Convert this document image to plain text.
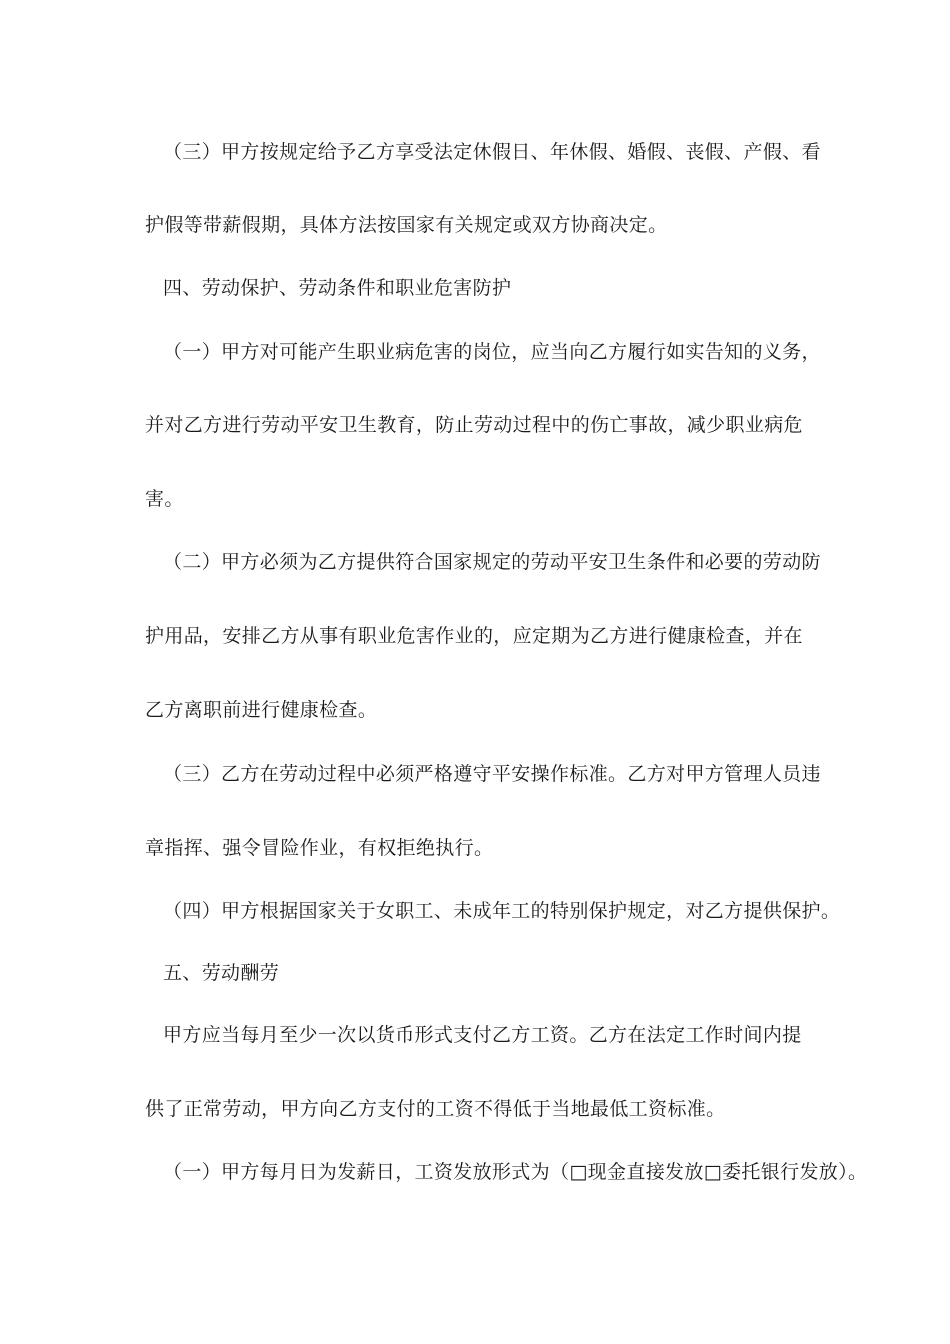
（三）甲方按规定给予乙方享受法定休假日、年休假、婚假、丧假、产假、看
护假等带薪假期，具体方法按国家有关规定或双方协商决定。
四、劳动保护、劳动条件和职业危害防护
（一）甲方对可能产生职业病危害的岗位，应当向乙方履行如实告知的义务，
并对乙方进行劳动平安卫生教育，防止劳动过程中的伤亡事故，减少职业病危
害。
（二）甲方必须为乙方提供符合国家规定的劳动平安卫生条件和必要的劳动防
护用品，安排乙方从事有职业危害作业的，应定期为乙方进行健康检查，并在
乙方离职前进行健康检查。
（三）乙方在劳动过程中必须严格遵守平安操作标准。乙方对甲方管理人员违
章指挥、强令冒险作业，有权拒绝执行。
（四）甲方根据国家关于女职工、未成年工的特别保护规定，对乙方提供保护。
五、劳动酬劳
甲方应当每月至少一次以货币形式支付乙方工资。乙方在法定工作时间内提
供了正常劳动，甲方向乙方支付的工资不得低于当地最低工资标准。
（一）甲方每月日为发薪日，工资发放形式为（□现金直接发放□委托银行发放）。
